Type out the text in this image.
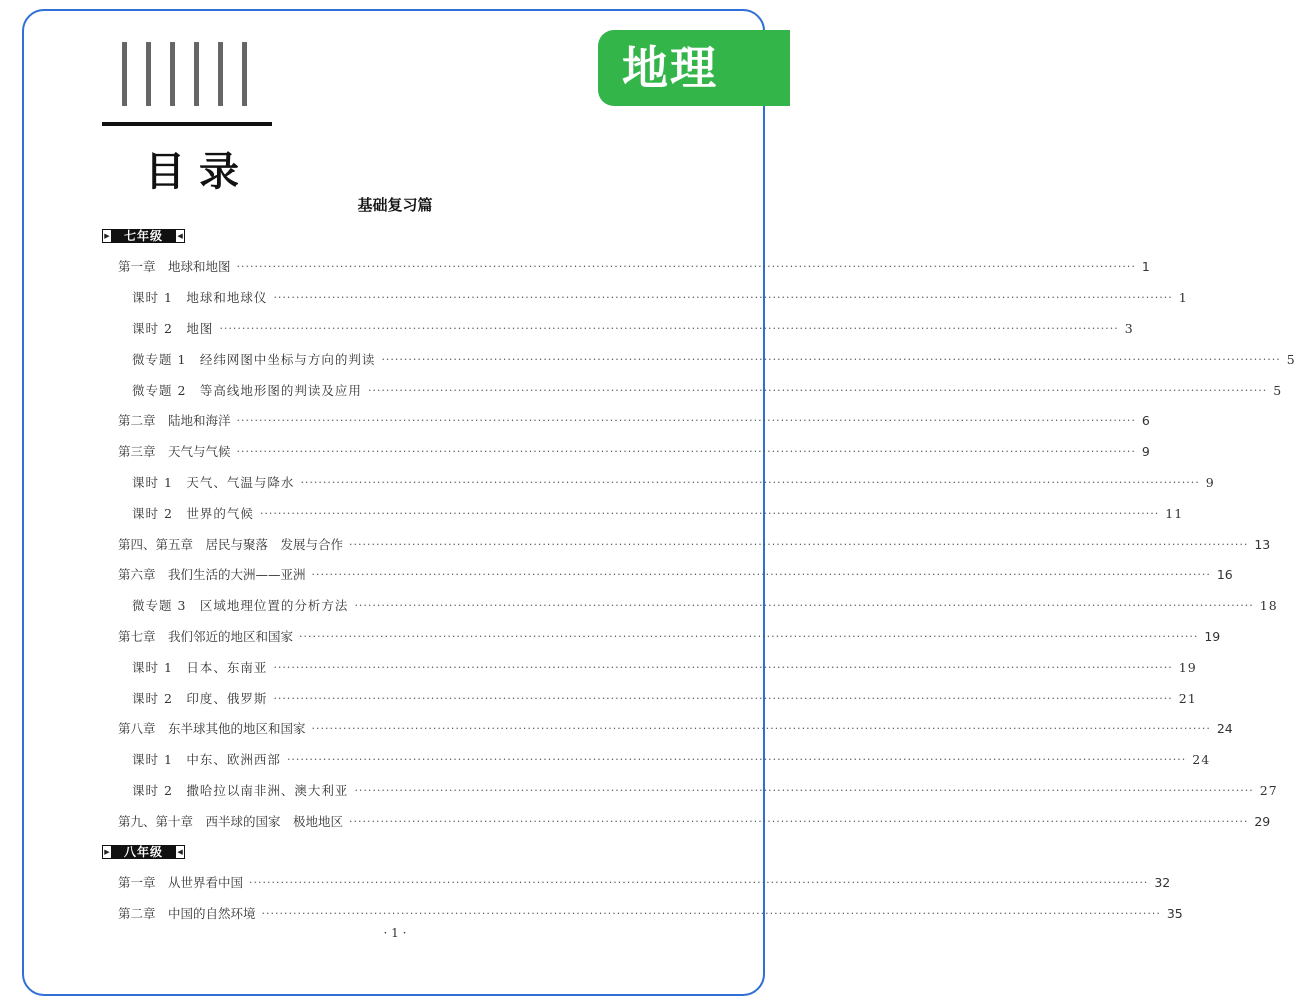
地理
目录
基础复习篇
▶	七年级	◀
▶	八年级	◀
第一章　地球和地图 ········································································································································································································ 1
课时 1　地球和地球仪 ········································································································································································································ 1
课时 2　地图 ········································································································································································································ 3
微专题 1　经纬网图中坐标与方向的判读 ········································································································································································································ 5
微专题 2　等高线地形图的判读及应用 ········································································································································································································ 5
第二章　陆地和海洋 ········································································································································································································ 6
第三章　天气与气候 ········································································································································································································ 9
课时 1　天气、气温与降水 ········································································································································································································ 9
课时 2　世界的气候 ········································································································································································································ 11
第四、第五章　居民与聚落　发展与合作 ········································································································································································································ 13
第六章　我们生活的大洲——亚洲 ········································································································································································································ 16
微专题 3　区域地理位置的分析方法 ········································································································································································································ 18
第七章　我们邻近的地区和国家 ········································································································································································································ 19
课时 1　日本、东南亚 ········································································································································································································ 19
课时 2　印度、俄罗斯 ········································································································································································································ 21
第八章　东半球其他的地区和国家 ········································································································································································································ 24
课时 1　中东、欧洲西部 ········································································································································································································ 24
课时 2　撒哈拉以南非洲、澳大利亚 ········································································································································································································ 27
第九、第十章　西半球的国家　极地地区 ········································································································································································································ 29
第一章　从世界看中国 ········································································································································································································ 32
第二章　中国的自然环境 ········································································································································································································ 35
· 1 ·
